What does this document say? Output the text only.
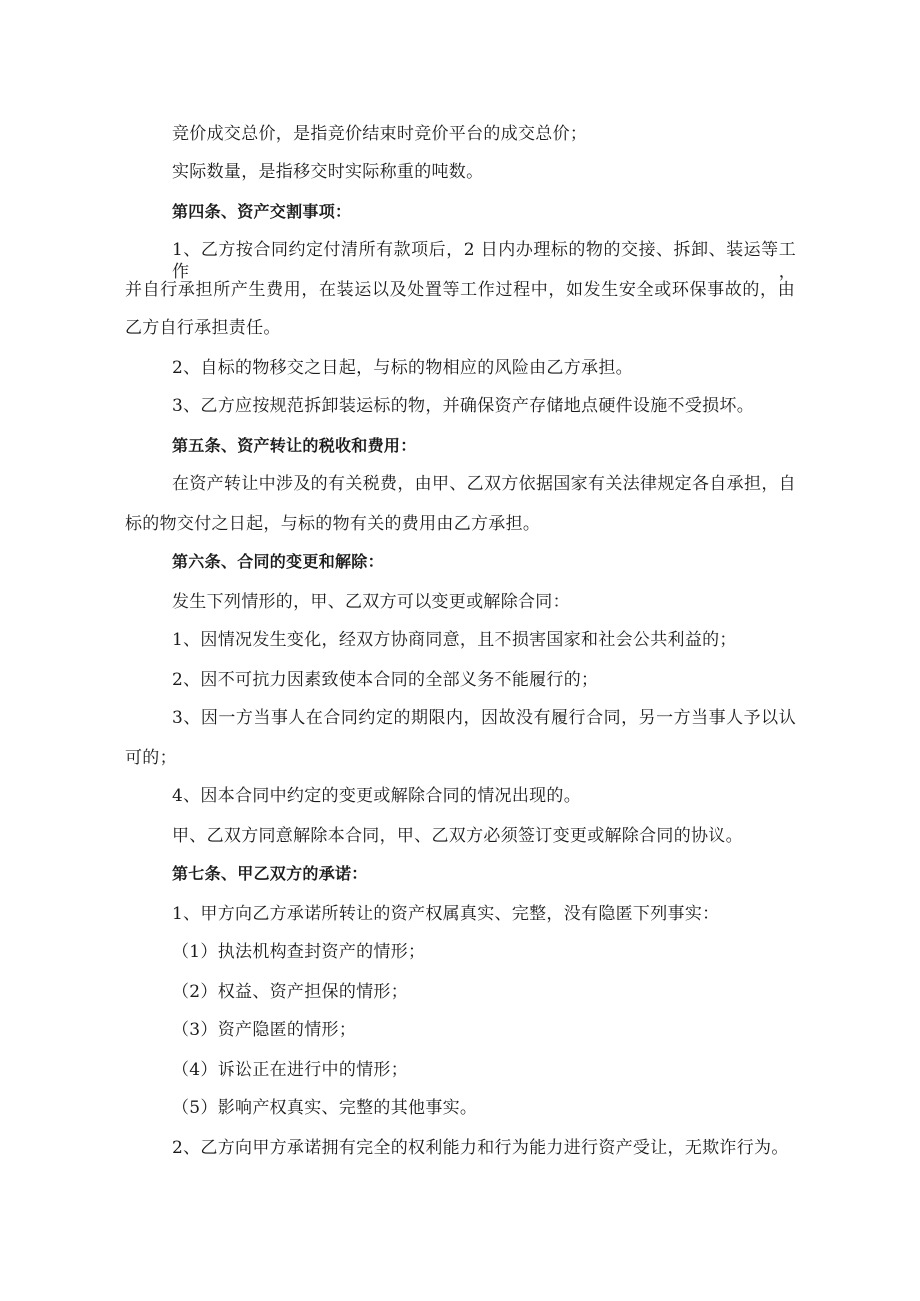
竞价成交总价，是指竞价结束时竞价平台的成交总价；

实际数量，是指移交时实际称重的吨数。

第四条、资产交割事项：

1、乙方按合同约定付清所有款项后，2 日内办理标的物的交接、拆卸、装运等工作，

并自行承担所产生费用，在装运以及处置等工作过程中，如发生安全或环保事故的，由

乙方自行承担责任。

2、自标的物移交之日起，与标的物相应的风险由乙方承担。

3、乙方应按规范拆卸装运标的物，并确保资产存储地点硬件设施不受损坏。

第五条、资产转让的税收和费用：

在资产转让中涉及的有关税费，由甲、乙双方依据国家有关法律规定各自承担，自

标的物交付之日起，与标的物有关的费用由乙方承担。

第六条、合同的变更和解除：

发生下列情形的，甲、乙双方可以变更或解除合同：

1、因情况发生变化，经双方协商同意，且不损害国家和社会公共利益的；

2、因不可抗力因素致使本合同的全部义务不能履行的；

3、因一方当事人在合同约定的期限内，因故没有履行合同，另一方当事人予以认

可的；

4、因本合同中约定的变更或解除合同的情况出现的。

甲、乙双方同意解除本合同，甲、乙双方必须签订变更或解除合同的协议。

第七条、甲乙双方的承诺：

1、甲方向乙方承诺所转让的资产权属真实、完整，没有隐匿下列事实：

（1）执法机构查封资产的情形；

（2）权益、资产担保的情形；

（3）资产隐匿的情形；

（4）诉讼正在进行中的情形；

（5）影响产权真实、完整的其他事实。

2、乙方向甲方承诺拥有完全的权利能力和行为能力进行资产受让，无欺诈行为。
